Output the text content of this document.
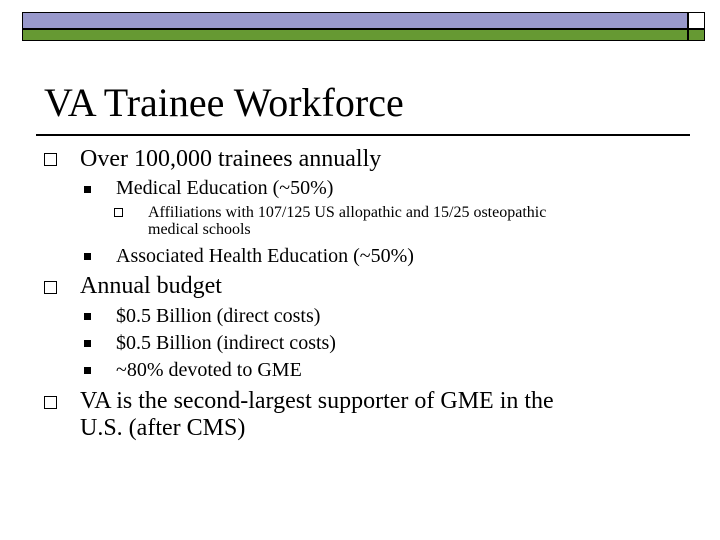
VA Trainee Workforce
Over 100,000 trainees annually
Medical Education (~50%)
Affiliations with 107/125 US allopathic and 15/25 osteopathic
medical schools
Associated Health Education (~50%)
Annual budget
$0.5 Billion (direct costs)
$0.5 Billion (indirect costs)
~80% devoted to GME
VA is the second-largest supporter of GME in the
U.S. (after CMS)
